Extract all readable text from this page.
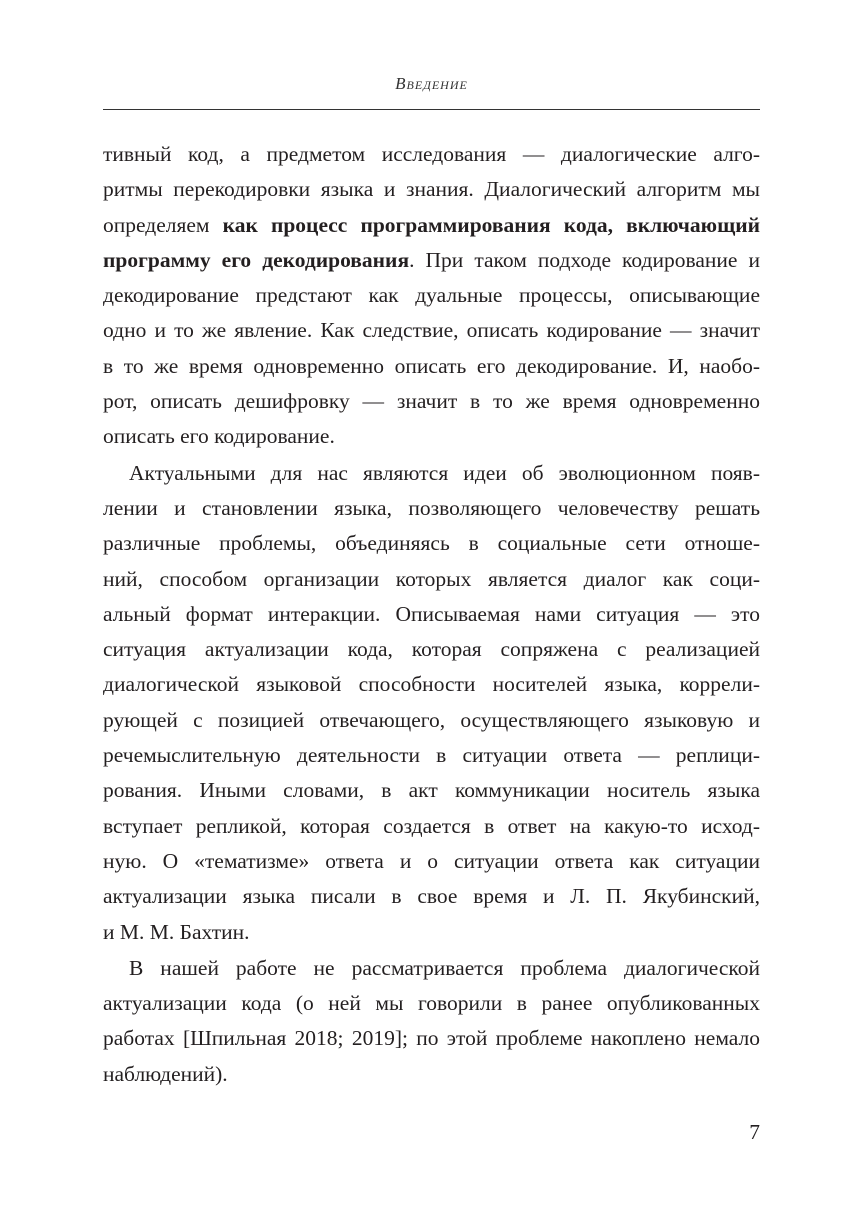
Введение
тивный код, а предметом исследования — диалогические алго-
ритмы перекодировки языка и знания. Диалогический алгоритм мы
определяем как процесс программирования кода, включающий
программу его декодирования. При таком подходе кодирование и
декодирование предстают как дуальные процессы, описывающие
одно и то же явление. Как следствие, описать кодирование — значит
в то же время одновременно описать его декодирование. И, наобо-
рот, описать дешифровку — значит в то же время одновременно
описать его кодирование.
Актуальными для нас являются идеи об эволюционном появ-
лении и становлении языка, позволяющего человечеству решать
различные проблемы, объединяясь в социальные сети отноше-
ний, способом организации которых является диалог как соци-
альный формат интеракции. Описываемая нами ситуация — это
ситуация актуализации кода, которая сопряжена с реализацией
диалогической языковой способности носителей языка, коррели-
рующей с позицией отвечающего, осуществляющего языковую и
речемыслительную деятельности в ситуации ответа — реплици-
рования. Иными словами, в акт коммуникации носитель языка
вступает репликой, которая создается в ответ на какую-то исход-
ную. О «тематизме» ответа и о ситуации ответа как ситуации
актуализации языка писали в свое время и Л. П. Якубинский,
и М. М. Бахтин.
В нашей работе не рассматривается проблема диалогической
актуализации кода (о ней мы говорили в ранее опубликованных
работах [Шпильная 2018; 2019]; по этой проблеме накоплено немало
наблюдений).
7
